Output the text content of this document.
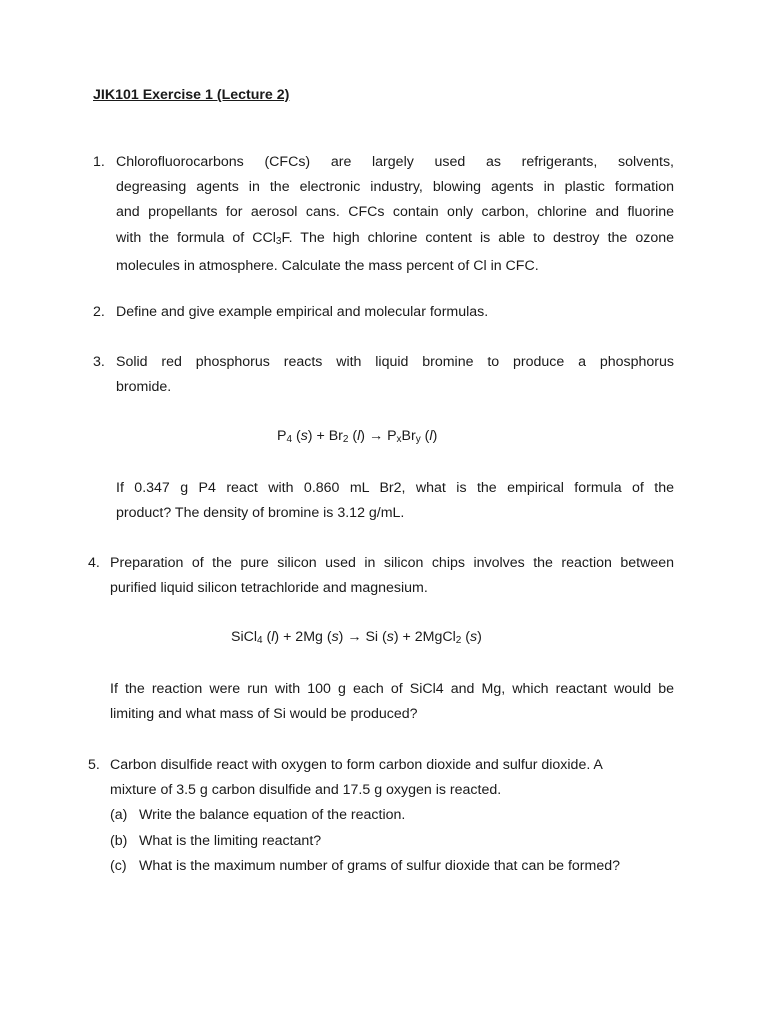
JIK101 Exercise 1 (Lecture 2)
1. Chlorofluorocarbons (CFCs) are largely used as refrigerants, solvents,
degreasing agents in the electronic industry, blowing agents in plastic formation
and propellants for aerosol cans. CFCs contain only carbon, chlorine and fluorine
with the formula of CCl$_3$F. The high chlorine content is able to destroy the ozone
molecules in atmosphere. Calculate the mass percent of Cl in CFC.
2. Define and give example empirical and molecular formulas.
3. Solid red phosphorus reacts with liquid bromine to produce a phosphorus
bromide.
$P_4$ $(s) + Br_2$ $(l) \to P_xBr_y$ (l)
If 0.347 g P4 react with 0.860 mL Br2, what is the empirical formula of the
product? The density of bromine is 3.12 g/mL.
4. Preparation of the pure silicon used in silicon chips involves the reaction between
purified liquid silicon tetrachloride and magnesium.
SiCl$_4$ (l) + 2Mg (s) → Si (s) + 2MgCl$_2$ (s)
If the reaction were run with 100 g each of SiCl4 and Mg, which reactant would be
limiting and what mass of Si would be produced?
5. Carbon disulfide react with oxygen to form carbon dioxide and sulfur dioxide. A
mixture of 3.5 g carbon disulfide and 17.5 g oxygen is reacted.
(a) Write the balance equation of the reaction.
(b) What is the limiting reactant?
(c) What is the maximum number of grams of sulfur dioxide that can be formed?
